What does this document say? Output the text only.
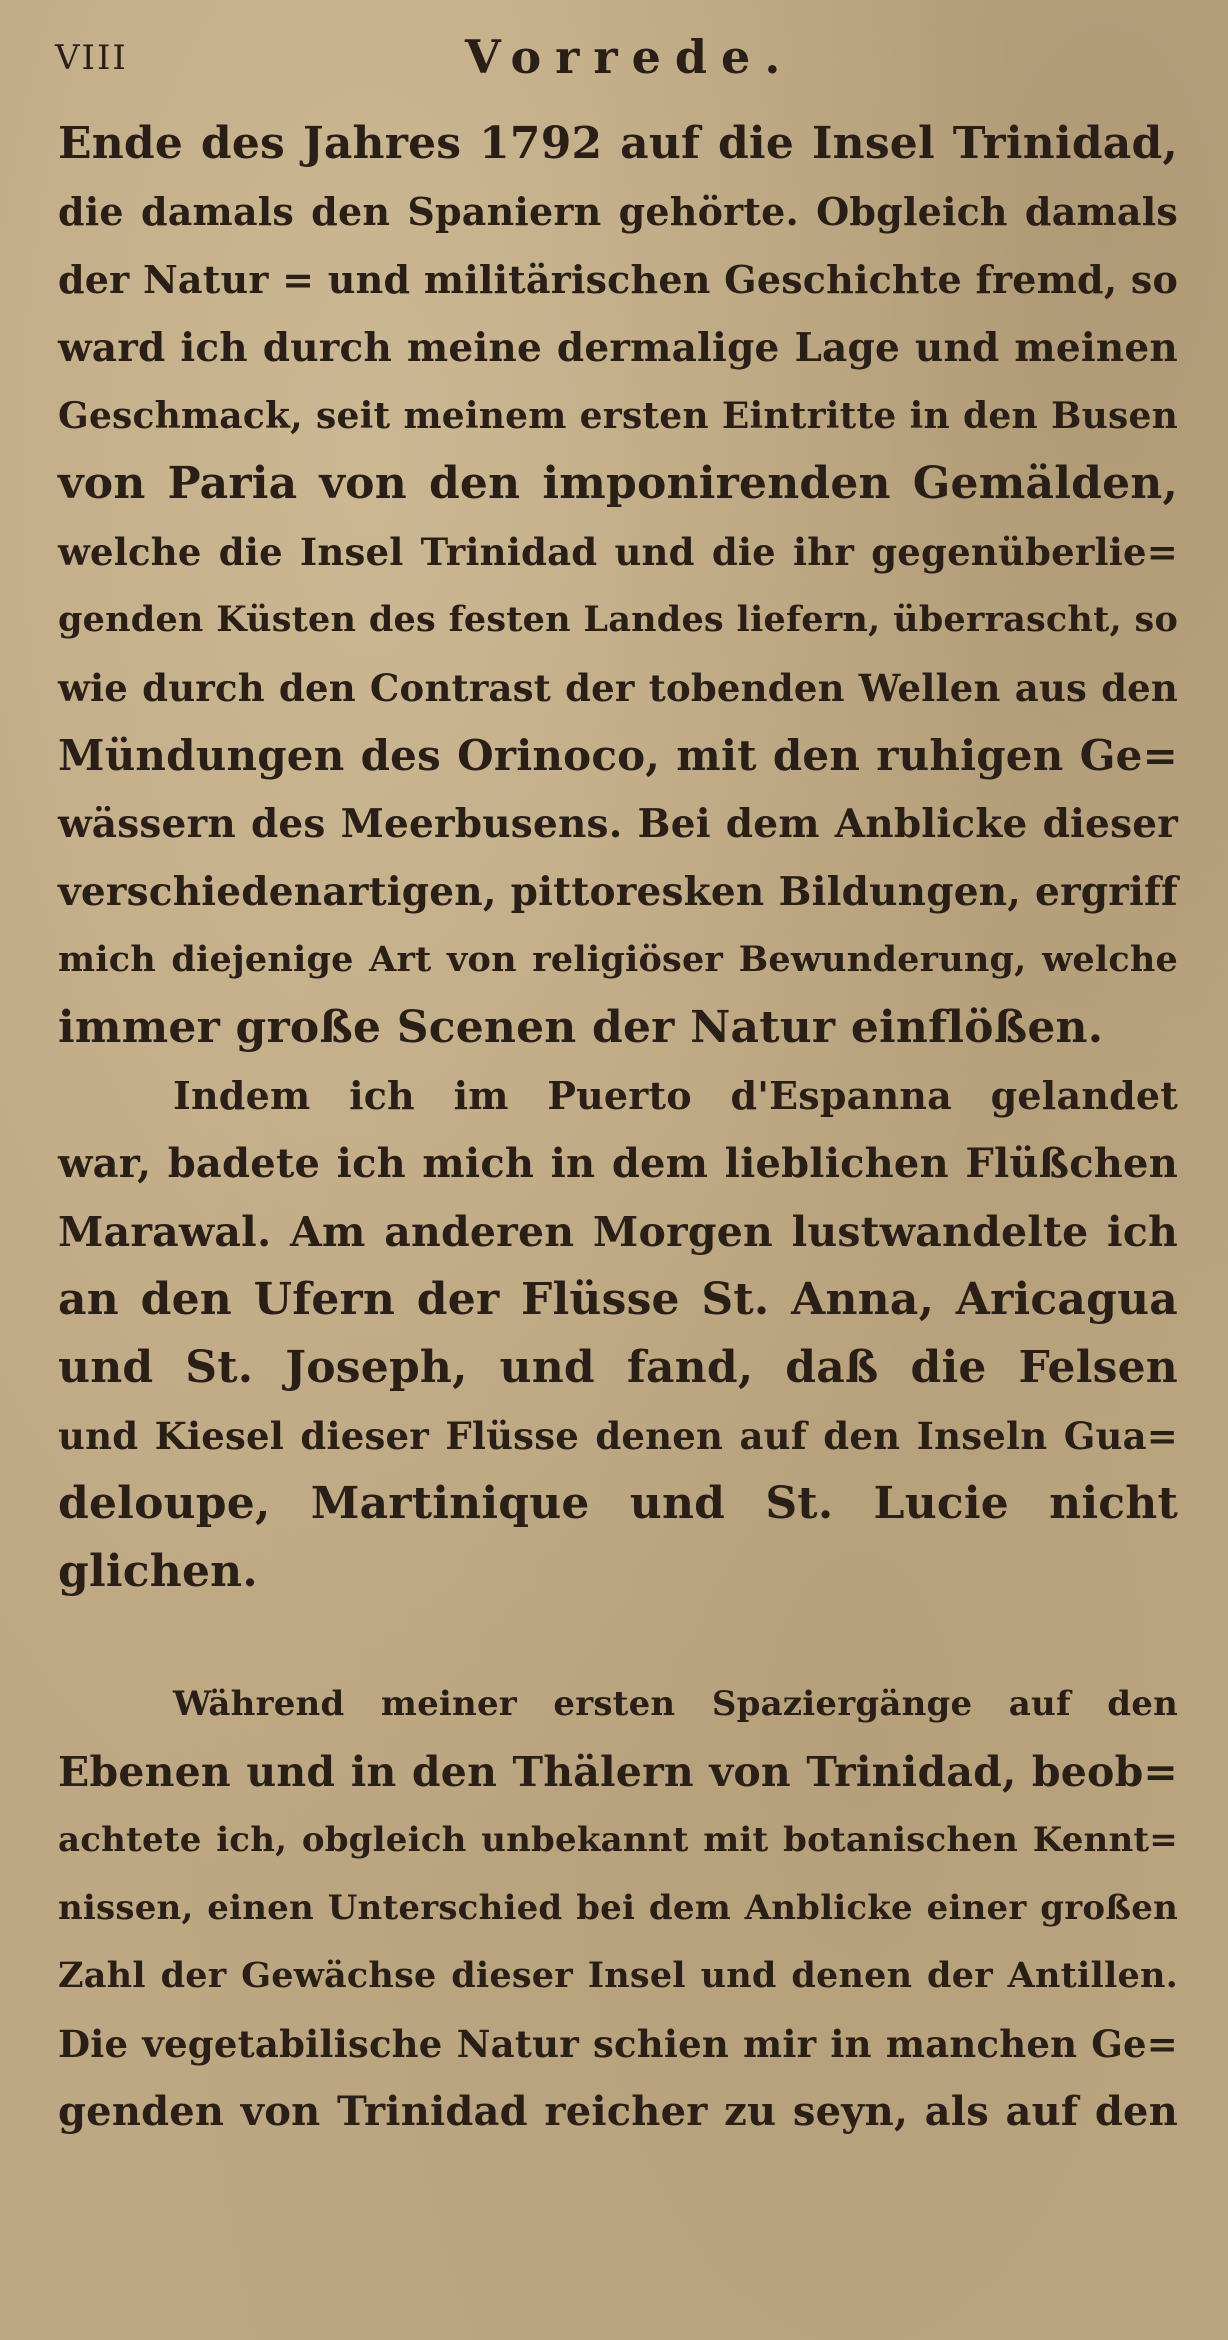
VIII	Vorrede.
Ende des Jahres 1792 auf die Insel Trinidad,
die damals den Spaniern gehörte. Obgleich damals
der Natur = und militärischen Geschichte fremd, so
ward ich durch meine dermalige Lage und meinen
Geschmack, seit meinem ersten Eintritte in den Busen
von Paria von den imponirenden Gemälden,
welche die Insel Trinidad und die ihr gegenüberlie=
genden Küsten des festen Landes liefern, überrascht, so
wie durch den Contrast der tobenden Wellen aus den
Mündungen des Orinoco, mit den ruhigen Ge=
wässern des Meerbusens. Bei dem Anblicke dieser
verschiedenartigen, pittoresken Bildungen, ergriff
mich diejenige Art von religiöser Bewunderung, welche
immer große Scenen der Natur einflößen.
Indem ich im Puerto d'Espanna gelandet
war, badete ich mich in dem lieblichen Flüßchen
Marawal. Am anderen Morgen lustwandelte ich
an den Ufern der Flüsse St. Anna, Aricagua
und St. Joseph, und fand, daß die Felsen
und Kiesel dieser Flüsse denen auf den Inseln Gua=
deloupe, Martinique und St. Lucie nicht
glichen.
Während meiner ersten Spaziergänge auf den
Ebenen und in den Thälern von Trinidad, beob=
achtete ich, obgleich unbekannt mit botanischen Kennt=
nissen, einen Unterschied bei dem Anblicke einer großen
Zahl der Gewächse dieser Insel und denen der Antillen.
Die vegetabilische Natur schien mir in manchen Ge=
genden von Trinidad reicher zu seyn, als auf den
